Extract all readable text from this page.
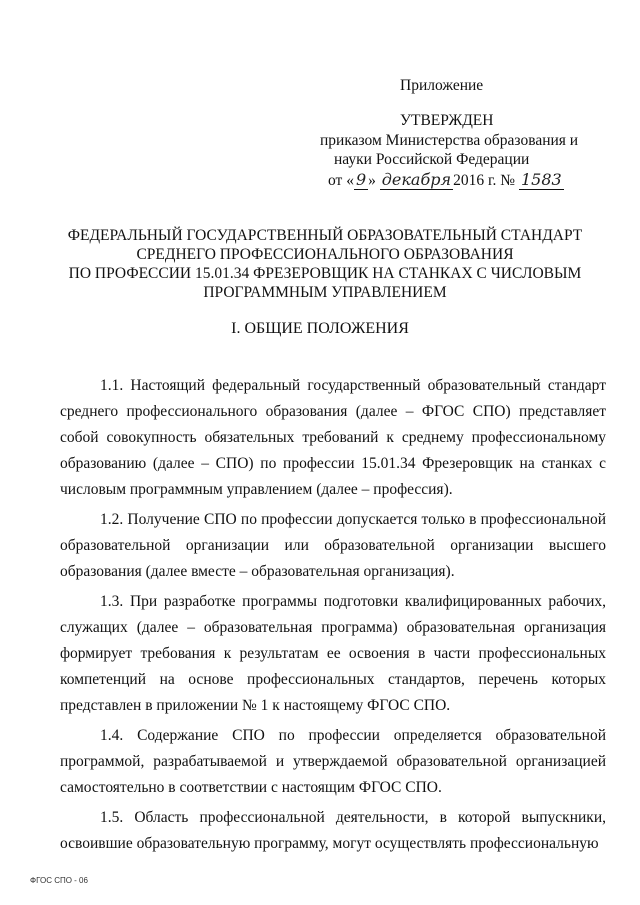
Приложение
УТВЕРЖДЕН
приказом Министерства образования и
науки Российской Федерации
от « 9 » декабря 2016 г. № 1583
ФЕДЕРАЛЬНЫЙ ГОСУДАРСТВЕННЫЙ ОБРАЗОВАТЕЛЬНЫЙ СТАНДАРТ
СРЕДНЕГО ПРОФЕССИОНАЛЬНОГО ОБРАЗОВАНИЯ
ПО ПРОФЕССИИ 15.01.34 ФРЕЗЕРОВЩИК НА СТАНКАХ С ЧИСЛОВЫМ
ПРОГРАММНЫМ УПРАВЛЕНИЕМ
I. ОБЩИЕ ПОЛОЖЕНИЯ

1.1. Настоящий федеральный государственный образовательный стандарт среднего профессионального образования (далее – ФГОС СПО) представляет собой совокупность обязательных требований к среднему профессиональному образованию (далее – СПО) по профессии 15.01.34 Фрезеровщик на станках с числовым программным управлением (далее – профессия).

1.2. Получение СПО по профессии допускается только в профессиональной образовательной организации или образовательной организации высшего образования (далее вместе – образовательная организация).

1.3. При разработке программы подготовки квалифицированных рабочих, служащих (далее – образовательная программа) образовательная организация формирует требования к результатам ее освоения в части профессиональных компетенций на основе профессиональных стандартов, перечень которых представлен в приложении № 1 к настоящему ФГОС СПО.

1.4. Содержание СПО по профессии определяется образовательной программой, разрабатываемой и утверждаемой образовательной организацией самостоятельно в соответствии с настоящим ФГОС СПО.

1.5. Область профессиональной деятельности, в которой выпускники, освоившие образовательную программу, могут осуществлять профессиональную

ФГОС СПО - 06
